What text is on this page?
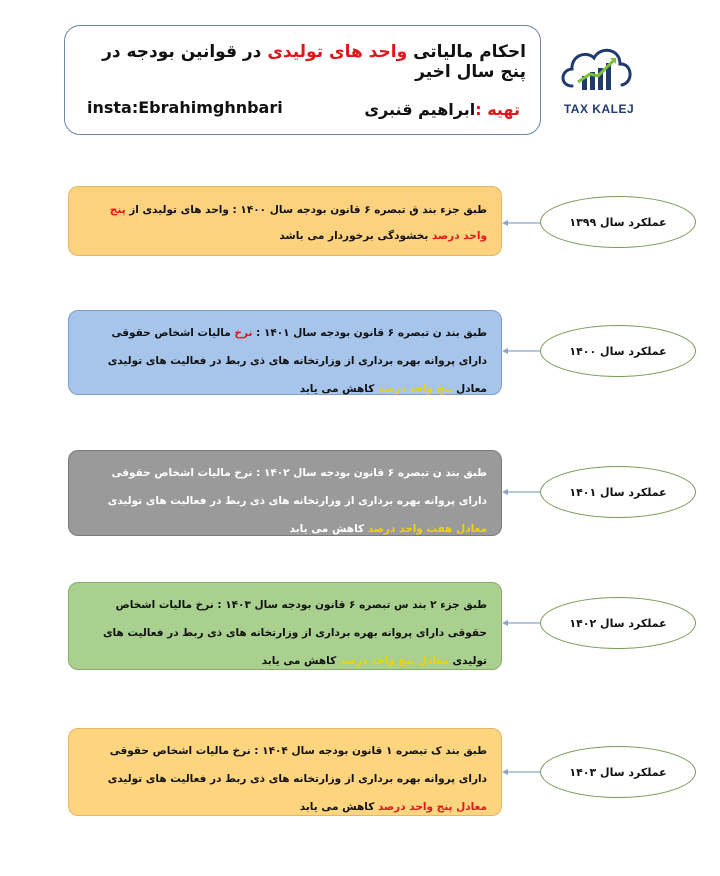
احکام مالیاتی واحد های تولیدی در قوانین بودجه در پنج سال اخیر
تهیه :ابراهیم قنبری
insta:Ebrahimghnbari	TAX KALEJ
طبق جزء بند ق تبصره ۶ قانون بودجه سال ۱۴۰۰ : واحد های تولیدی از پنج واحد درصد بخشودگی برخوردار می باشد
عملکرد سال ۱۳۹۹
طبق بند ن تبصره ۶ قانون بودجه سال ۱۴۰۱ : نرخ مالیات اشخاص حقوقی دارای پروانه بهره برداری از وزارتخانه های ذی ربط در فعالیت های تولیدی معادل پنج واحد درصد کاهش می یابد
عملکرد سال ۱۴۰۰
طبق بند ن تبصره ۶ قانون بودجه سال ۱۴۰۲ : نرخ مالیات اشخاص حقوقی دارای پروانه بهره برداری از وزارتخانه های ذی ربط در فعالیت های تولیدی معادل هفت واحد درصد کاهش می یابد
عملکرد سال ۱۴۰۱
طبق جزء ۲ بند س تبصره ۶ قانون بودجه سال ۱۴۰۳ : نرخ مالیات اشخاص حقوقی دارای پروانه بهره برداری از وزارتخانه های ذی ربط در فعالیت های تولیدی معادل پنج واحد درصد کاهش می یابد
عملکرد سال ۱۴۰۲
طبق بند ک تبصره ۱ قانون بودجه سال ۱۴۰۴ : نرخ مالیات اشخاص حقوقی دارای پروانه بهره برداری از وزارتخانه های ذی ربط در فعالیت های تولیدی معادل پنج واحد درصد کاهش می یابد
عملکرد سال ۱۴۰۳
